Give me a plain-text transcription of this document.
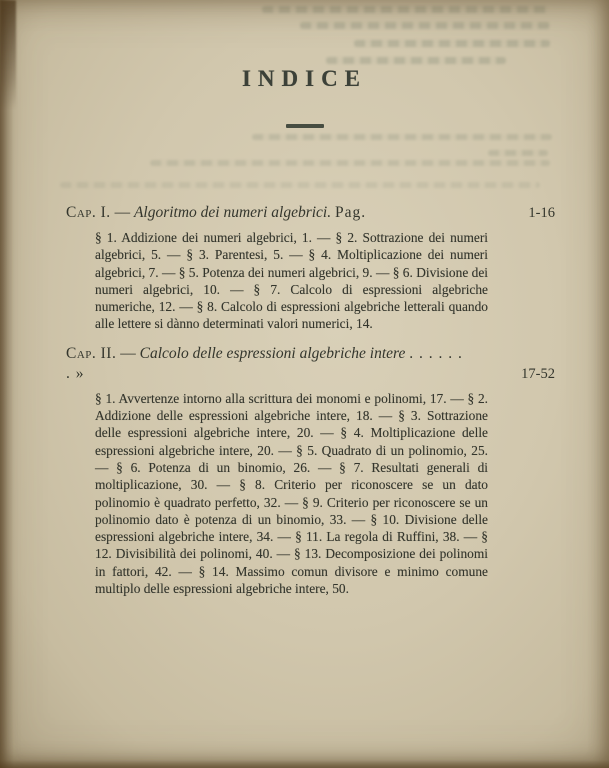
INDICE
Cap. I. — Algoritmo dei numeri algebrici. Pag.	1-16

§ 1. Addizione dei numeri algebrici, 1. — § 2. Sottrazione dei numeri algebrici, 5. — § 3. Parentesi, 5. — § 4. Moltiplicazione dei numeri algebrici, 7. — § 5. Potenza dei numeri algebrici, 9. — § 6. Divisione dei numeri algebrici, 10. — § 7. Calcolo di espressioni algebriche numeriche, 12. — § 8. Calcolo di espressioni algebriche letterali quando alle lettere si dànno determinati valori numerici, 14.

Cap. II. — Calcolo delle espressioni algebriche intere . . . . . . . »	17-52

§ 1. Avvertenze intorno alla scrittura dei monomi e polinomi, 17. — § 2. Addizione delle espressioni algebriche intere, 18. — § 3. Sottrazione delle espressioni algebriche intere, 20. — § 4. Moltiplicazione delle espressioni algebriche intere, 20. — § 5. Quadrato di un polinomio, 25. — § 6. Potenza di un binomio, 26. — § 7. Resultati generali di moltiplicazione, 30. — § 8. Criterio per riconoscere se un dato polinomio è quadrato perfetto, 32. — § 9. Criterio per riconoscere se un polinomio dato è potenza di un binomio, 33. — § 10. Divisione delle espressioni algebriche intere, 34. — § 11. La regola di Ruffini, 38. — § 12. Divisibilità dei polinomi, 40. — § 13. Decomposizione dei polinomi in fattori, 42. — § 14. Massimo comun divisore e minimo comune multiplo delle espressioni algebriche intere, 50.
